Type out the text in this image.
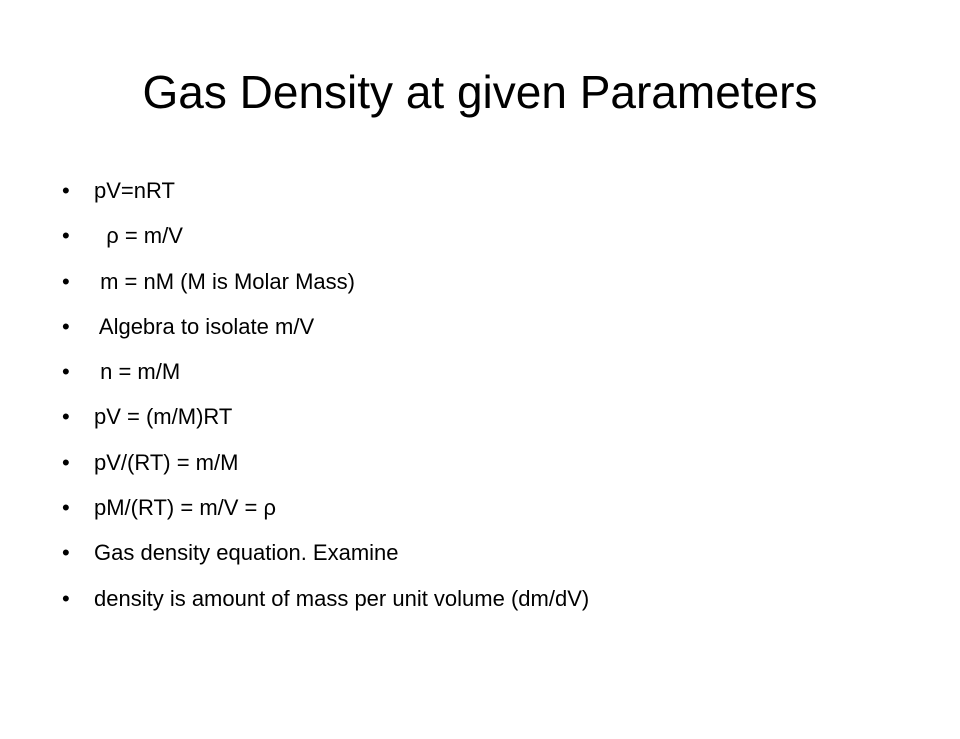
Gas Density at given Parameters

•

pV=nRT

•

ρ = m/V

•

m = nM (M is Molar Mass)

•

Algebra to isolate m/V

•

n = m/M

•

pV = (m/M)RT

•

pV/(RT) = m/M

•

pM/(RT) = m/V = ρ

•

Gas density equation. Examine

•

density is amount of mass per unit volume (dm/dV)
